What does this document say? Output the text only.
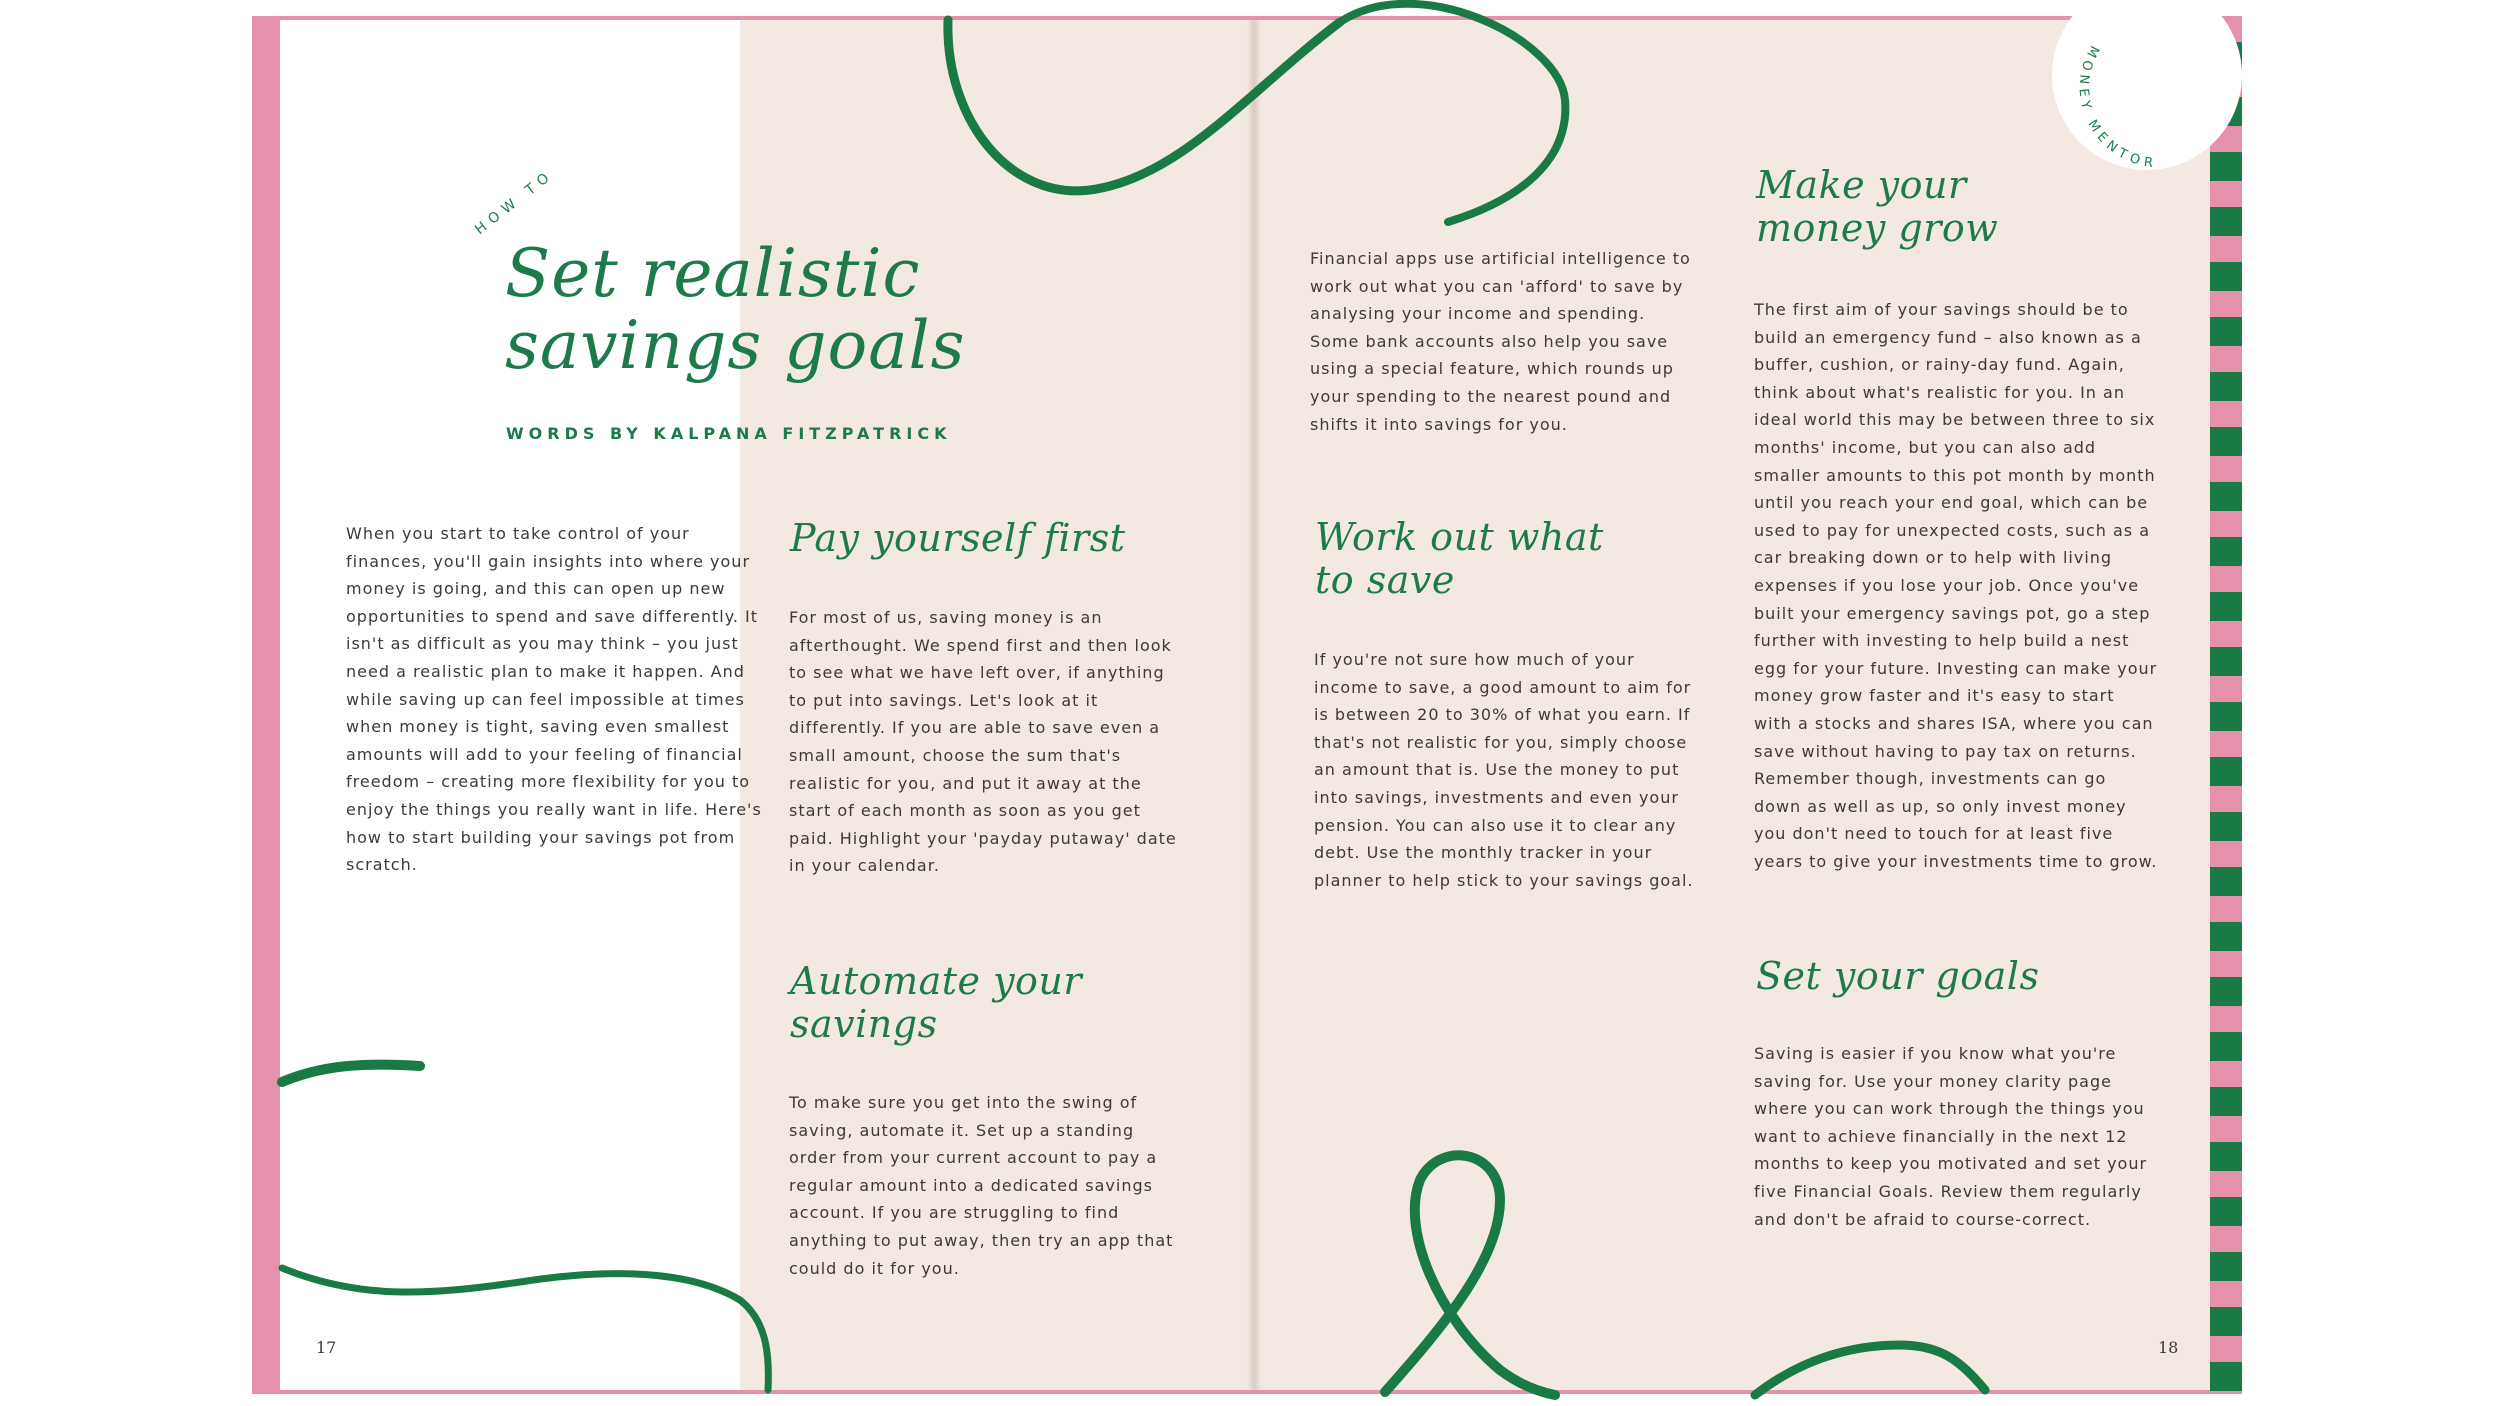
MONEY MENTOR
HOW TO
Set realistic
savings goals
WORDS BY KALPANA FITZPATRICK

When you start to take control of your finances, you'll gain insights into where your money is going, and this can open up new opportunities to spend and save differently. It isn't as difficult as you may think – you just need a realistic plan to make it happen. And while saving up can feel impossible at times when money is tight, saving even smallest amounts will add to your feeling of financial freedom – creating more flexibility for you to enjoy the things you really want in life. Here's how to start building your savings pot from scratch.

Pay yourself first

For most of us, saving money is an afterthought. We spend first and then look to see what we have left over, if anything to put into savings. Let's look at it differently. If you are able to save even a small amount, choose the sum that's realistic for you, and put it away at the start of each month as soon as you get paid. Highlight your 'payday putaway' date in your calendar.

Automate your
savings

To make sure you get into the swing of saving, automate it. Set up a standing order from your current account to pay a regular amount into a dedicated savings account. If you are struggling to find anything to put away, then try an app that could do it for you.

17

Financial apps use artificial intelligence to work out what you can 'afford' to save by analysing your income and spending. Some bank accounts also help you save using a special feature, which rounds up your spending to the nearest pound and shifts it into savings for you.

Work out what
to save

If you're not sure how much of your income to save, a good amount to aim for is between 20 to 30% of what you earn. If that's not realistic for you, simply choose an amount that is. Use the money to put into savings, investments and even your pension. You can also use it to clear any debt. Use the monthly tracker in your planner to help stick to your savings goal.

Make your
money grow

The first aim of your savings should be to build an emergency fund – also known as a buffer, cushion, or rainy-day fund. Again, think about what's realistic for you. In an ideal world this may be between three to six months' income, but you can also add smaller amounts to this pot month by month until you reach your end goal, which can be used to pay for unexpected costs, such as a car breaking down or to help with living expenses if you lose your job. Once you've built your emergency savings pot, go a step further with investing to help build a nest egg for your future. Investing can make your money grow faster and it's easy to start with a stocks and shares ISA, where you can save without having to pay tax on returns. Remember though, investments can go down as well as up, so only invest money you don't need to touch for at least five years to give your investments time to grow.

Set your goals

Saving is easier if you know what you're saving for. Use your money clarity page where you can work through the things you want to achieve financially in the next 12 months to keep you motivated and set your five Financial Goals. Review them regularly and don't be afraid to course-correct.

18
